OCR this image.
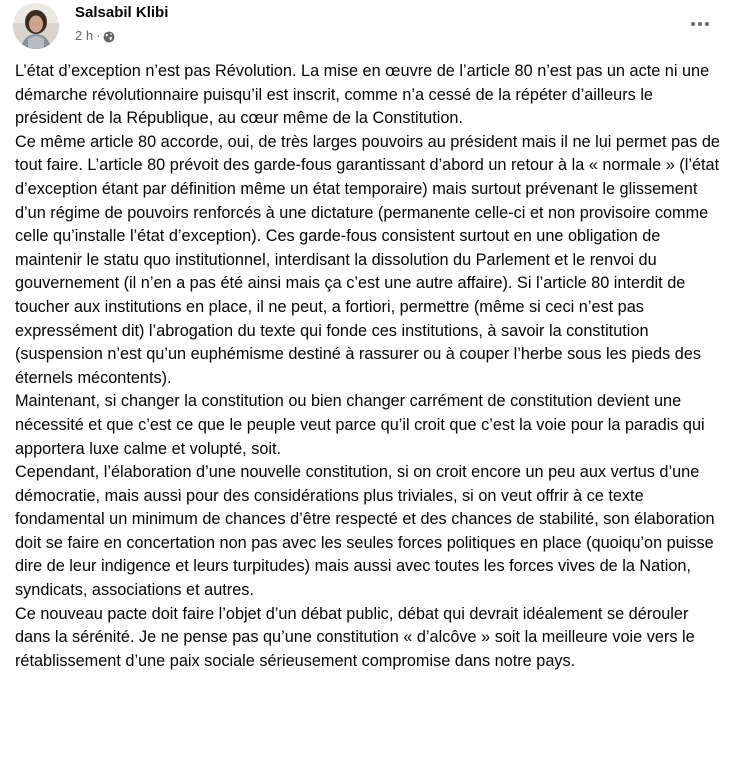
Salsabil Klibi
2 h ·

L’état d’exception n’est pas Révolution. La mise en œuvre de l’article 80 n’est pas un acte ni une démarche révolutionnaire puisqu’il est inscrit, comme n’a cessé de la répéter d’ailleurs le président de la République, au cœur même de la Constitution.

Ce même article 80 accorde, oui, de très larges pouvoirs au président mais il ne lui permet pas de tout faire. L’article 80 prévoit des garde-fous garantissant d’abord un retour à la « normale » (l’état d’exception étant par définition même un état temporaire) mais surtout prévenant le glissement d’un régime de pouvoirs renforcés à une dictature (permanente celle-ci et non provisoire comme celle qu’installe l’état d’exception). Ces garde-fous consistent surtout en une obligation de maintenir le statu quo institutionnel, interdisant la dissolution du Parlement et le renvoi du gouvernement (il n’en a pas été ainsi mais ça c’est une autre affaire). Si l’article 80 interdit de toucher aux institutions en place, il ne peut, a fortiori, permettre (même si ceci n’est pas expressément dit) l’abrogation du texte qui fonde ces institutions, à savoir la constitution (suspension n’est qu’un euphémisme destiné à rassurer ou à couper l’herbe sous les pieds des éternels mécontents).

Maintenant, si changer la constitution ou bien changer carrément de constitution devient une nécessité et que c’est ce que le peuple veut parce qu’il croit que c’est la voie pour la paradis qui apportera luxe calme et volupté, soit.

Cependant, l’élaboration d’une nouvelle constitution, si on croit encore un peu aux vertus d’une démocratie, mais aussi pour des considérations plus triviales, si on veut offrir à ce texte fondamental un minimum de chances d’être respecté et des chances de stabilité, son élaboration doit se faire en concertation non pas avec les seules forces politiques en place (quoiqu’on puisse dire de leur indigence et leurs turpitudes) mais aussi avec toutes les forces vives de la Nation, syndicats, associations et autres.

Ce nouveau pacte doit faire l’objet d’un débat public, débat qui devrait idéalement se dérouler dans la sérénité. Je ne pense pas qu’une constitution « d’alcôve » soit la meilleure voie vers le rétablissement d’une paix sociale sérieusement compromise dans notre pays.
